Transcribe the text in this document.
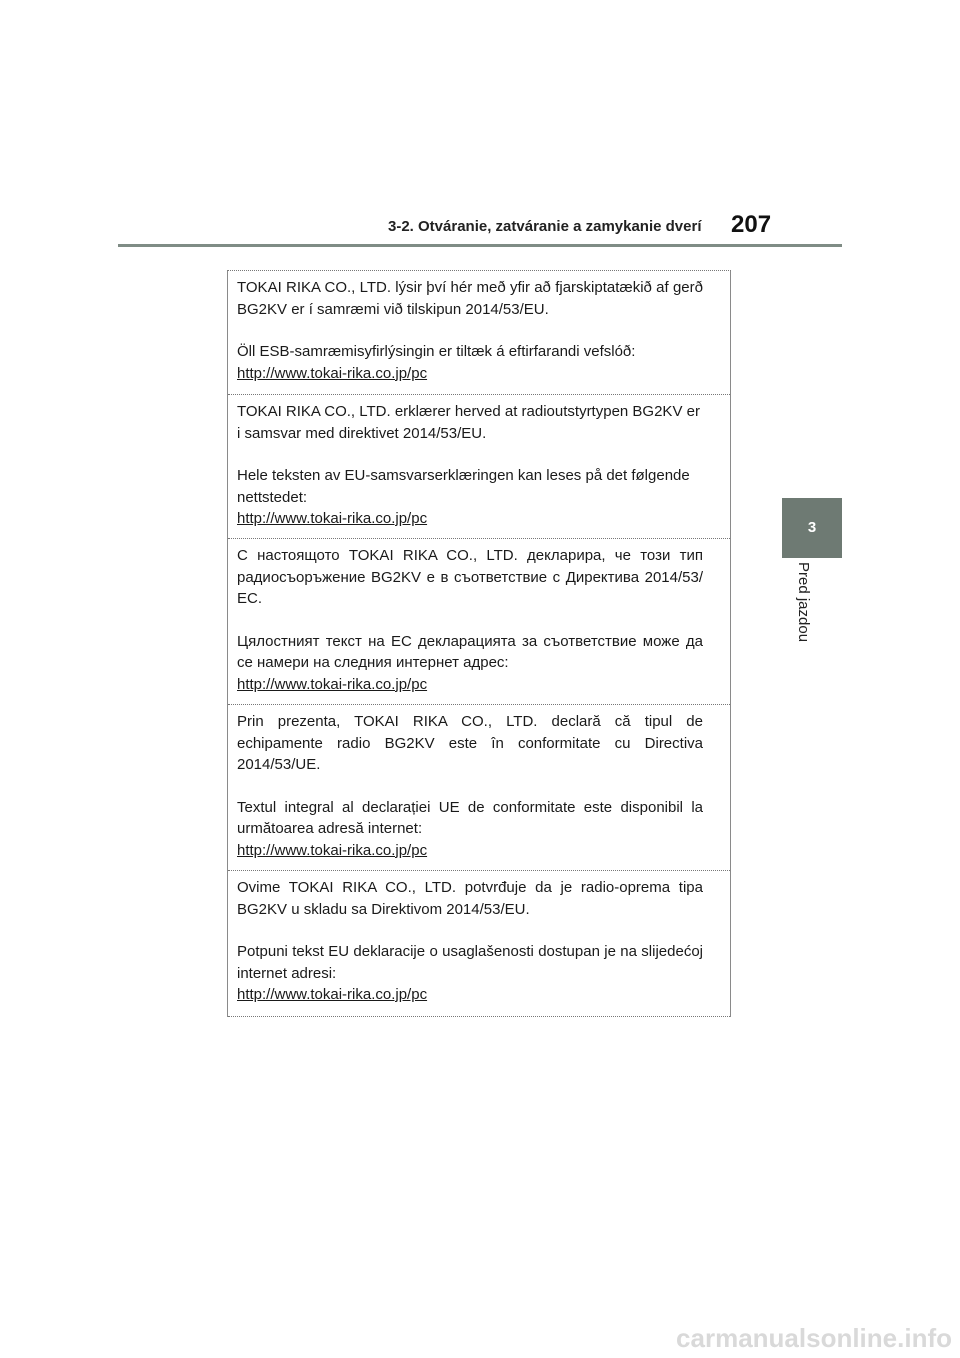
3-2. Otváranie, zatváranie a zamykanie dverí 207
3
Pred jazdou

TOKAI RIKA CO., LTD. lýsir því hér með yfir að fjarskiptatækið af gerð BG2KV er í samræmi við tilskipun 2014/53/EU.

Öll ESB-samræmisyfirlýsingin er tiltæk á eftirfarandi vefslóð:

http://www.tokai-rika.co.jp/pc

TOKAI RIKA CO., LTD. erklærer herved at radioutstyrtypen BG2KV er i samsvar med direktivet 2014/53/EU.

Hele teksten av EU-samsvarserklæringen kan leses på det følgende nettstedet:

http://www.tokai-rika.co.jp/pc

С настоящото TOKAI RIKA CO., LTD. декларира, че този тип радиосъоръжение BG2KV е в съответствие с Директива 2014/53/ЕС.

Цялостният текст на ЕС декларацията за съответствие може да се намери на следния интернет адрес:

http://www.tokai-rika.co.jp/pc

Prin prezenta, TOKAI RIKA CO., LTD. declară că tipul de echipamente radio BG2KV este în conformitate cu Directiva 2014/53/UE.

Textul integral al declarației UE de conformitate este disponibil la următoarea adresă internet:

http://www.tokai-rika.co.jp/pc

Ovime TOKAI RIKA CO., LTD. potvrđuje da je radio-oprema tipa BG2KV u skladu sa Direktivom 2014/53/EU.

Potpuni tekst EU deklaracije o usaglašenosti dostupan je na slijedećoj internet adresi:

http://www.tokai-rika.co.jp/pc
carmanualsonline.info
